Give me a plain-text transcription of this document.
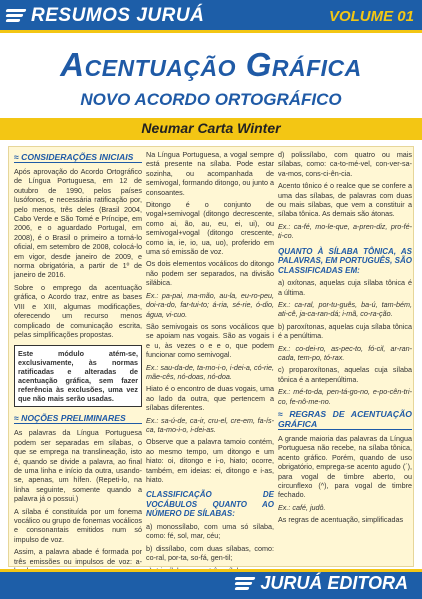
RESUMOS JURUÁ	VOLUME 01
Acentuação Gráfica
NOVO ACORDO ORTOGRÁFICO
Neumar Carta Winter
≈ CONSIDERAÇÕES INICIAIS

Após aprovação do Acordo Ortográfico de Língua Portuguesa, em 12 de outubro de 1990, pelos países lusófonos, e necessária ratificação por, pelo menos, três deles (Brasil 2004, Cabo Verde e São Tomé e Príncipe, em 2006, e o aguardado Portugal, em 2008), é o Brasil o primeiro a torná-lo oficial, em setembro de 2008, colocá-lo em vigor, desde janeiro de 2009, e norma obrigatória, a partir de 1º de janeiro de 2016.

Sobre o emprego da acentuação gráfica, o Acordo traz, entre as bases VIII e XIII, algumas modificações, oferecendo um recurso menos complicado de comunicação escrita, pelas simplificações propostas.

Este módulo atém-se, exclusivamente, às normas ratificadas e alteradas de acentuação gráfica, sem fazer referência às exclusões, uma vez que não mais serão usadas.
≈ NOÇÕES PRELIMINARES

As palavras da Língua Portuguesa podem ser separadas em sílabas, o que se emprega na translineação, isto é, quando se divide a palavra, ao final de uma linha e início da outra, usando-se, apenas, um hífen. (Repeti-lo, na linha seguinte, somente quando a palavra já o possui.)

A sílaba é constituída por um fonema vocálico ou grupo de fonemas vocálicos e consonantais emitidos num só impulso de voz.

Assim, a palavra abade é formada por três emissões ou impulsos de voz: a-

Na Língua Portuguesa, a vogal sempre está presente na sílaba. Pode estar sozinha, ou acompanhada de semivogal, formando ditongo, ou junto a consoantes.

Ditongo é o conjunto de vogal+semivogal (ditongo decrescente, como ai, ão, au, eu, ei, ui), ou semivogal+vogal (ditongo crescente, como ia, ie, io, ua, uo), proferido em uma só emissão de voz.

Os dois elementos vocálicos do ditongo não podem ser separados, na divisão silábica.

Ex.: pa-pai, ma-mão, au-la, eu-ro-peu, doi-ra-do, far-tui-to; á-ria, sé-rie, ó-dio, água, vi-cuo.

São semivogais os sons vocálicos que se apoiam nas vogais. São as vogais i e u, às vezes o e e o, que podem funcionar como semivogal.

Ex.: sau-da-de, ta-mo-i-o, i-dei-a, có-rie, mãe-cês, nó-doas, nó-doa.

Hiato é o encontro de duas vogais, uma ao lado da outra, que pertencem a sílabas diferentes.

Ex.: sa-ú-de, ca-ir, cru-el, cre-em, fa-ís-ca, ta-mo-i-o, i-dei-as.

Observe que a palavra tamoio contém, ao mesmo tempo, um ditongo e um hiato: oi, ditongo e i-o, hiato; ocorre, também, em ideias: ei, ditongo e i-as, hiato.

CLASSIFICAÇÃO DE VOCÁBULOS QUANTO AO NÚMERO DE SÍLABAS:

a) monossílabo, com uma só sílaba, como: fé, sol, mar, céu;

b) dissílabo, com duas sílabas, como: co-ral, por-ta, so-fá, gen-til;

d) polissílabo, com quatro ou mais sílabas, como: ca-to-mé-vel, con-ver-sa-va-mos, cons-ci-ên-cia.

Acento tônico é o realce que se confere a uma das sílabas, de palavras com duas ou mais sílabas, que vem a constituir a sílaba tônica. As demais são átonas.

Ex.: ca-fé, mo-le-que, a-pren-diz, pro-fé-ti-co.

QUANTO À SÍLABA TÔNICA, AS PALAVRAS, EM PORTUGUÊS, SÃO CLASSIFICADAS EM:

a) oxítonas, aquelas cuja sílaba tônica é a última.

Ex.: ca-ral, por-tu-guês, ba-ú, tam-bém, ati-cê, ja-ca-ran-dá; i-mã, co-ra-ção.

b) paroxítonas, aquelas cuja sílaba tônica é a penúltima.

Ex.: co-dei-ro, as-pec-to, fó-cil, ar-ran-cada, tem-po, tó-rax.

c) proparoxítonas, aquelas cuja sílaba tônica é a antepenúltima.

Ex.: mé-to-da, pen-tá-go-no, e-po-cên-tri-co, fe-nô-me-no.

≈ REGRAS DE ACENTUAÇÃO GRÁFICA

A grande maioria das palavras da Língua Portuguesa não recebe, na sílaba tônica, acento gráfico. Porém, quando de uso obrigatório, emprega-se acento agudo (´), para vogal de timbre aberto, ou circunflexo (^), para vogal de timbre fechado.

Ex.: café, judô.

As regras de acentuação, simplificadas

JURUÁ EDITORA
